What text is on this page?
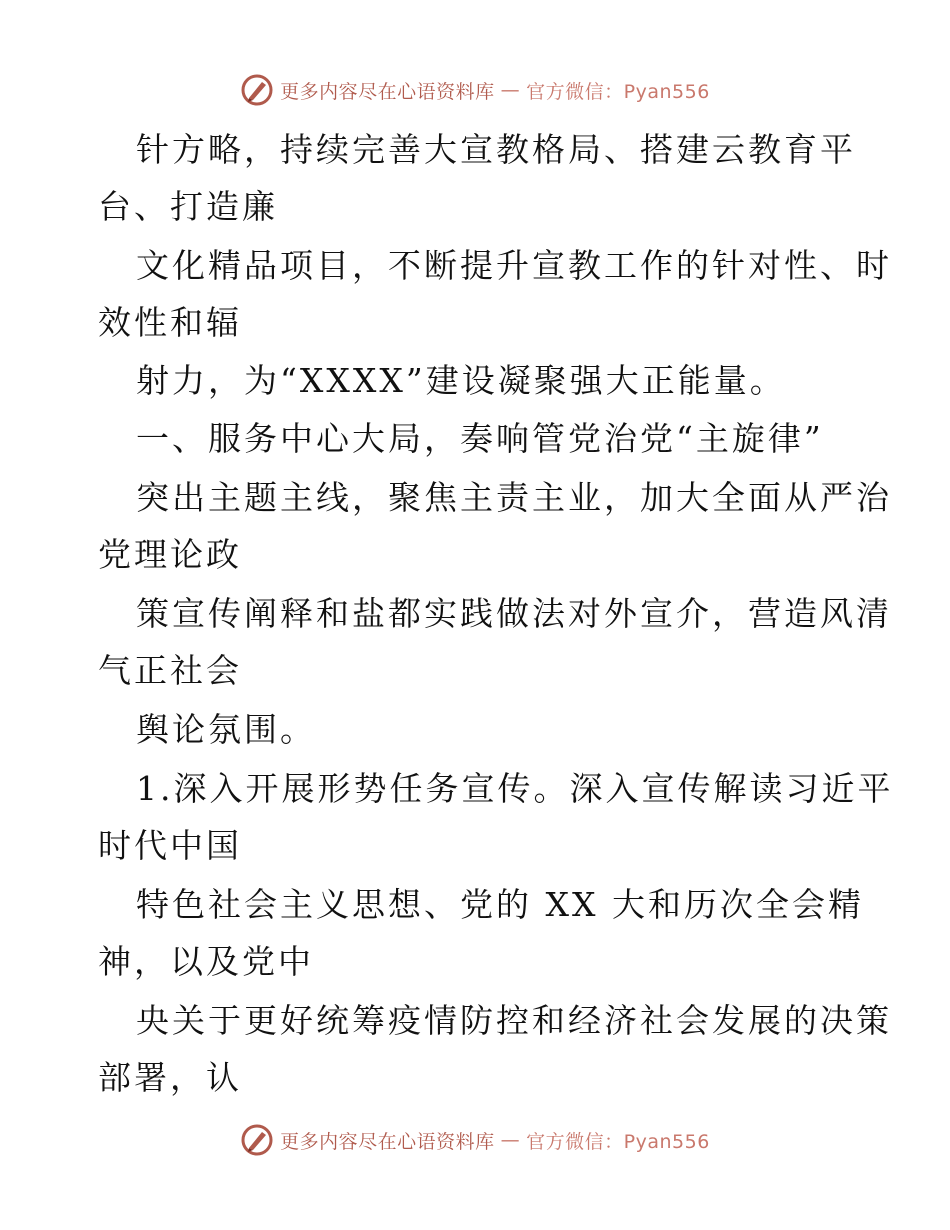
更多内容尽在心语资料库 — 官方微信：Pyan556
针方略，持续完善大宣教格局、搭建云教育平
台、打造廉
文化精品项目，不断提升宣教工作的针对性、时
效性和辐
射力，为“XXXX”建设凝聚强大正能量。
一、服务中心大局，奏响管党治党“主旋律”
突出主题主线，聚焦主责主业，加大全面从严治
党理论政
策宣传阐释和盐都实践做法对外宣介，营造风清
气正社会
舆论氛围。
1.深入开展形势任务宣传。深入宣传解读习近平
时代中国
特色社会主义思想、党的 XX 大和历次全会精
神，以及党中
央关于更好统筹疫情防控和经济社会发展的决策
部署，认
更多内容尽在心语资料库 — 官方微信：Pyan556
